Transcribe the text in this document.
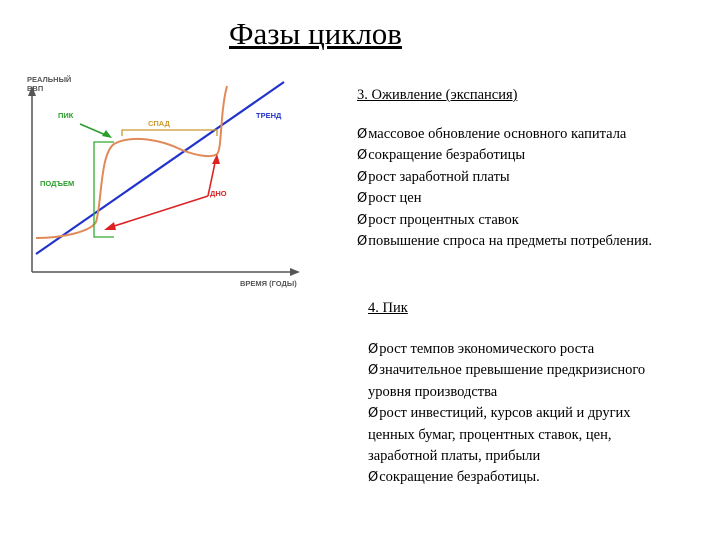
Фазы циклов
РЕАЛЬНЫЙ
ВВП
ВРЕМЯ (ГОДЫ)
ПИК
СПАД
ТРЕНД
ПОДЪЕМ
ДНО
3. Оживление (экспансия)
Øмассовое обновление основного капитала
Øсокращение безработицы
Øрост заработной платы
Øрост цен
Øрост процентных ставок
Øповышение спроса на предметы потребления.
4. Пик
Øрост темпов экономического роста
Øзначительное превышение предкризисного уровня производства
Øрост инвестиций, курсов акций и других ценных бумаг, процентных ставок, цен, заработной платы, прибыли
Øсокращение безработицы.
